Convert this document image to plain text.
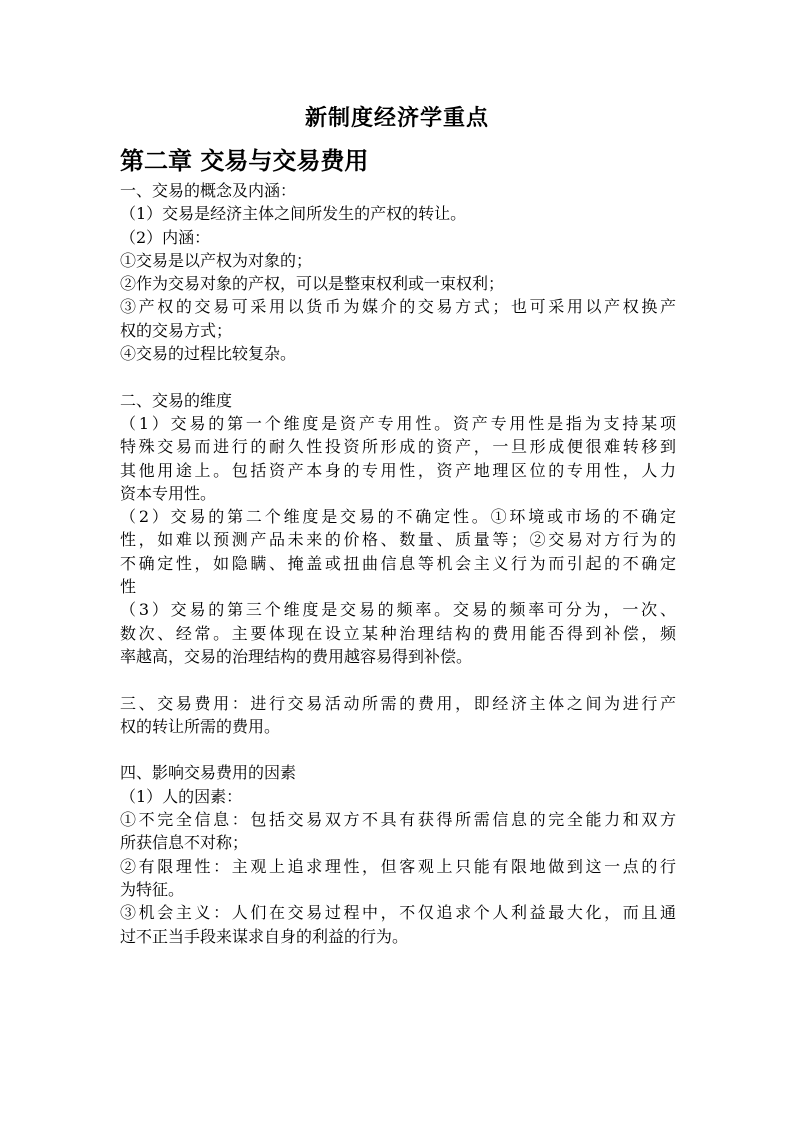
新制度经济学重点
第二章 交易与交易费用
一、交易的概念及内涵：
（1）交易是经济主体之间所发生的产权的转让。
（2）内涵：
①交易是以产权为对象的；
②作为交易对象的产权，可以是整束权利或一束权利；
③产权的交易可采用以货币为媒介的交易方式；也可采用以产权换产
权的交易方式；
④交易的过程比较复杂。
二、交易的维度
（1）交易的第一个维度是资产专用性。资产专用性是指为支持某项
特殊交易而进行的耐久性投资所形成的资产，一旦形成便很难转移到
其他用途上。包括资产本身的专用性，资产地理区位的专用性，人力
资本专用性。
（2）交易的第二个维度是交易的不确定性。①环境或市场的不确定
性，如难以预测产品未来的价格、数量、质量等；②交易对方行为的
不确定性，如隐瞒、掩盖或扭曲信息等机会主义行为而引起的不确定
性
（3）交易的第三个维度是交易的频率。交易的频率可分为，一次、
数次、经常。主要体现在设立某种治理结构的费用能否得到补偿，频
率越高，交易的治理结构的费用越容易得到补偿。
三、交易费用：进行交易活动所需的费用，即经济主体之间为进行产
权的转让所需的费用。
四、影响交易费用的因素
（1）人的因素：
①不完全信息：包括交易双方不具有获得所需信息的完全能力和双方
所获信息不对称；
②有限理性：主观上追求理性，但客观上只能有限地做到这一点的行
为特征。
③机会主义：人们在交易过程中，不仅追求个人利益最大化，而且通
过不正当手段来谋求自身的利益的行为。
